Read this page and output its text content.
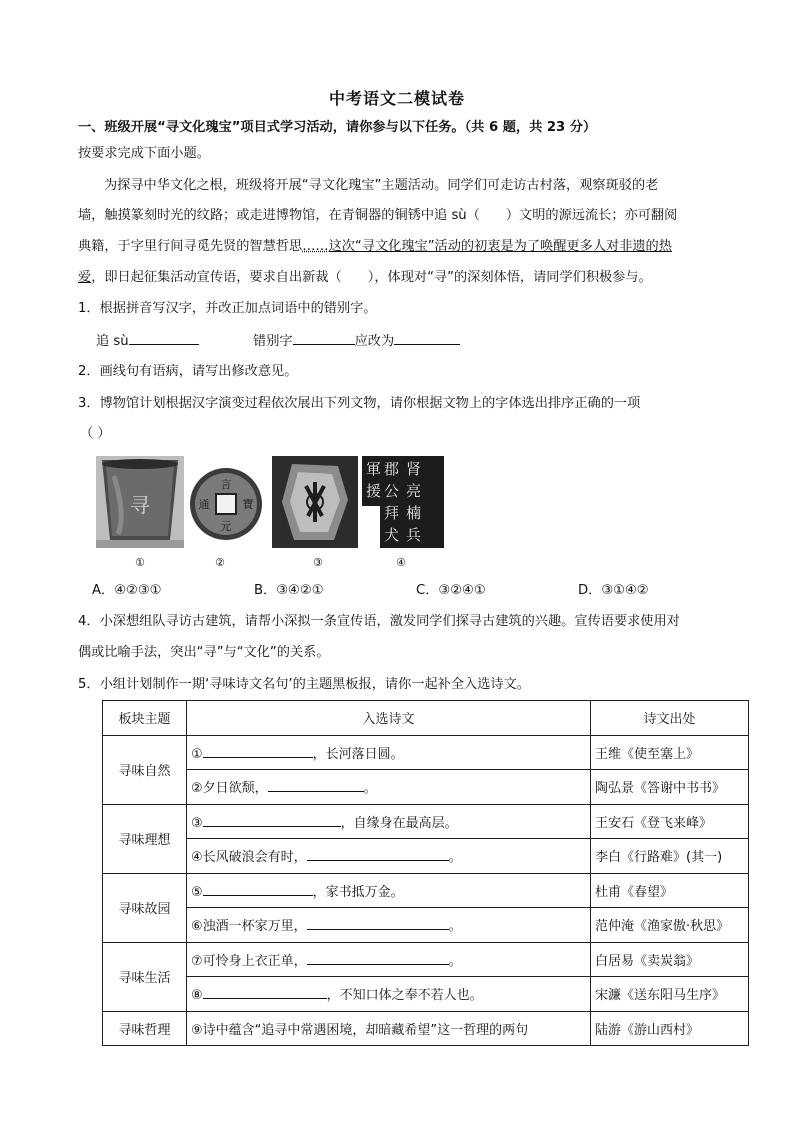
中考语文二模试卷
一、班级开展“寻文化瑰宝”项目式学习活动，请你参与以下任务。（共 6 题，共 23 分）
按要求完成下面小题。
为探寻中华文化之根，班级将开展“寻文化瑰宝”主题活动。同学们可走访古村落，观察斑驳的老
墙，触摸篆刻时光的纹路；或走进博物馆，在青铜器的铜锈中追 sù（ ）文明的源远流长；亦可翻阅
典籍，于字里行间寻觅先贤的智慧哲思……这次“寻文化瑰宝”活动的初衷是为了唤醒更多人对非遗的热
爱，即日起征集活动宣传语，要求自出新裁（ ），体现对“寻”的深刻体悟，请同学们积极参与。
1．根据拼音写汉字，并改正加点词语中的错别字。
追 sù	错别字	应改为
2．画线句有语病，请写出修改意见。
3．博物馆计划根据汉字演变过程依次展出下列文物，请你根据文物上的字体选出排序正确的一项
（ ）
寻
言
寶
通
元
軍 郡 肾
援 公 亮
拜 楠
犬 兵
①	②	③	④
A．④②③①	B．③④②①	C．③②④①	D．③①④②
4．小深想组队寻访古建筑，请帮小深拟一条宣传语，激发同学们探寻古建筑的兴趣。宣传语要求使用对
偶或比喻手法，突出“寻”与“文化”的关系。
5．小组计划制作一期‘寻味诗文名句’的主题黑板报，请你一起补全入选诗文。
板块主题	入选诗文	诗文出处
寻味自然	① ，长河落日圆。	王维《使至塞上》
	②夕日欲颓， 。	陶弘景《答谢中书书》
寻味理想	③ ，自缘身在最高层。	王安石《登飞来峰》
	④长风破浪会有时， 。	李白《行路难》(其一)
寻味故园	⑤ ，家书抵万金。	杜甫《春望》
	⑥浊酒一杯家万里， 。	范仲淹《渔家傲·秋思》
寻味生活	⑦可怜身上衣正单， 。	白居易《卖炭翁》
	⑧ ，不知口体之奉不若人也。	宋濂《送东阳马生序》
寻味哲理	⑨诗中蕴含“追寻中常遇困境，却暗藏希望”这一哲理的两句	陆游《游山西村》
